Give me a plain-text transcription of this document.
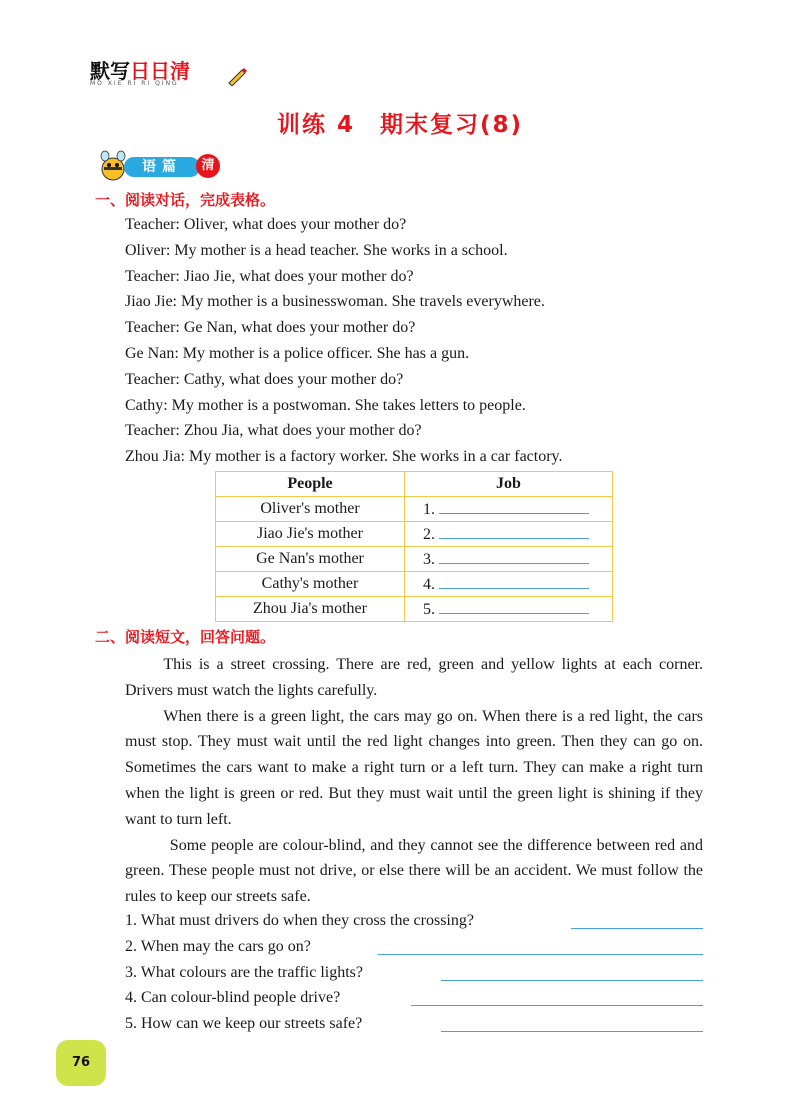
默写日日清
MO XIE RI RI QING
训练 4　期末复习(8)
语篇	清
一、阅读对话，完成表格。
Teacher: Oliver, what does your mother do?
Oliver: My mother is a head teacher. She works in a school.
Teacher: Jiao Jie, what does your mother do?
Jiao Jie: My mother is a businesswoman. She travels everywhere.
Teacher: Ge Nan, what does your mother do?
Ge Nan: My mother is a police officer. She has a gun.
Teacher: Cathy, what does your mother do?
Cathy: My mother is a postwoman. She takes letters to people.
Teacher: Zhou Jia, what does your mother do?
Zhou Jia: My mother is a factory worker. She works in a car factory.
People	Job
Oliver's mother	1.
Jiao Jie's mother	2.
Ge Nan's mother	3.
Cathy's mother	4.
Zhou Jia's mother	5.
二、阅读短文，回答问题。

This is a street crossing. There are red, green and yellow lights at each corner. Drivers must watch the lights carefully.

When there is a green light, the cars may go on. When there is a red light, the cars must stop. They must wait until the red light changes into green. Then they can go on. Sometimes the cars want to make a right turn or a left turn. They can make a right turn when the light is green or red. But they must wait until the green light is shining if they want to turn left.

Some people are colour-blind, and they cannot see the difference between red and green. These people must not drive, or else there will be an accident. We must follow the rules to keep our streets safe.

1. What must drivers do when they cross the crossing?
2. When may the cars go on?
3. What colours are the traffic lights?
4. Can colour-blind people drive?
5. How can we keep our streets safe?
76
